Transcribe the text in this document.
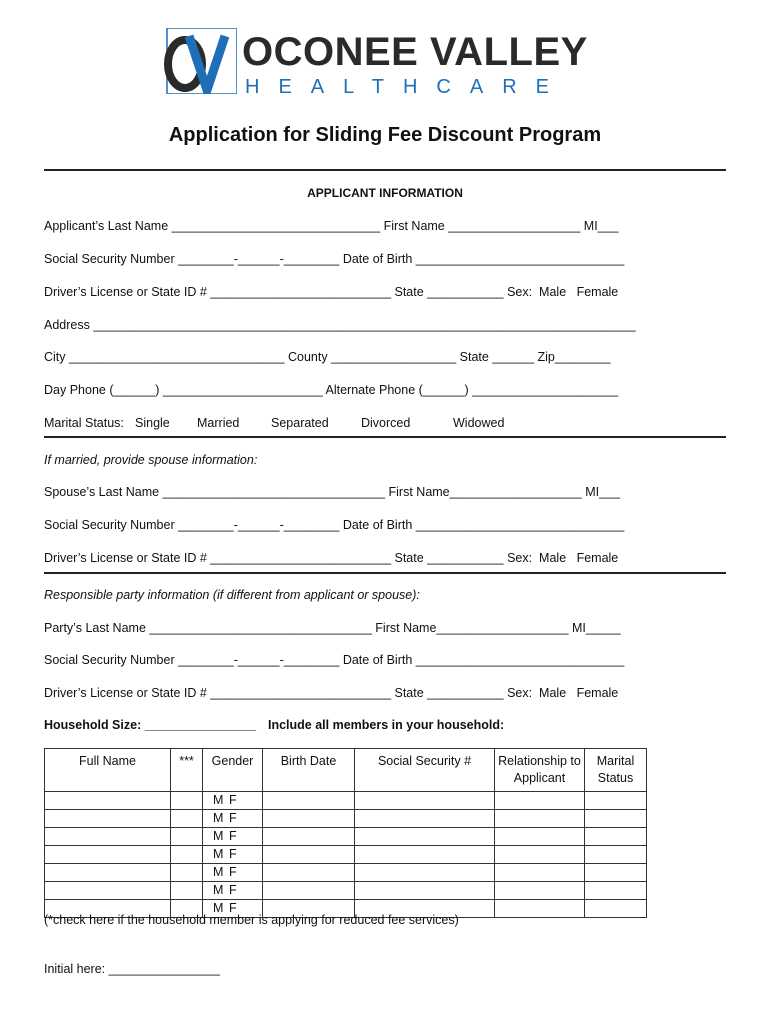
OCONEE VALLEY
HEALTHCARE
Application for Sliding Fee Discount Program
APPLICANT INFORMATION
Applicant’s Last Name ______________________________ First Name ___________________ MI___
Social Security Number ________-______-________ Date of Birth ______________________________
Driver’s License or State ID # __________________________ State ___________ Sex:  Male   Female
Address ______________________________________________________________________________
City _______________________________ County __________________ State ______ Zip________
Day Phone (______) _______________________ Alternate Phone (______) _____________________
Marital Status: Single Married	Separated	Divorced	Widowed
If married, provide spouse information:
Spouse’s Last Name ________________________________ First Name___________________ MI___
Social Security Number ________-______-________ Date of Birth ______________________________
Driver’s License or State ID # __________________________ State ___________ Sex:  Male   Female
Responsible party information (if different from applicant or spouse):
Party’s Last Name ________________________________ First Name___________________ MI_____
Social Security Number ________-______-________ Date of Birth ______________________________
Driver’s License or State ID # __________________________ State ___________ Sex:  Male   Female
Household Size: ________________ Include all members in your household:
Full Name	***	Gender	Birth Date	Social Security #	Relationship to Applicant	Marital Status
		M F				
		M F				
		M F				
		M F				
		M F				
		M F				
		M F				
(*check here if the household member is applying for reduced fee services)
Initial here: ________________
